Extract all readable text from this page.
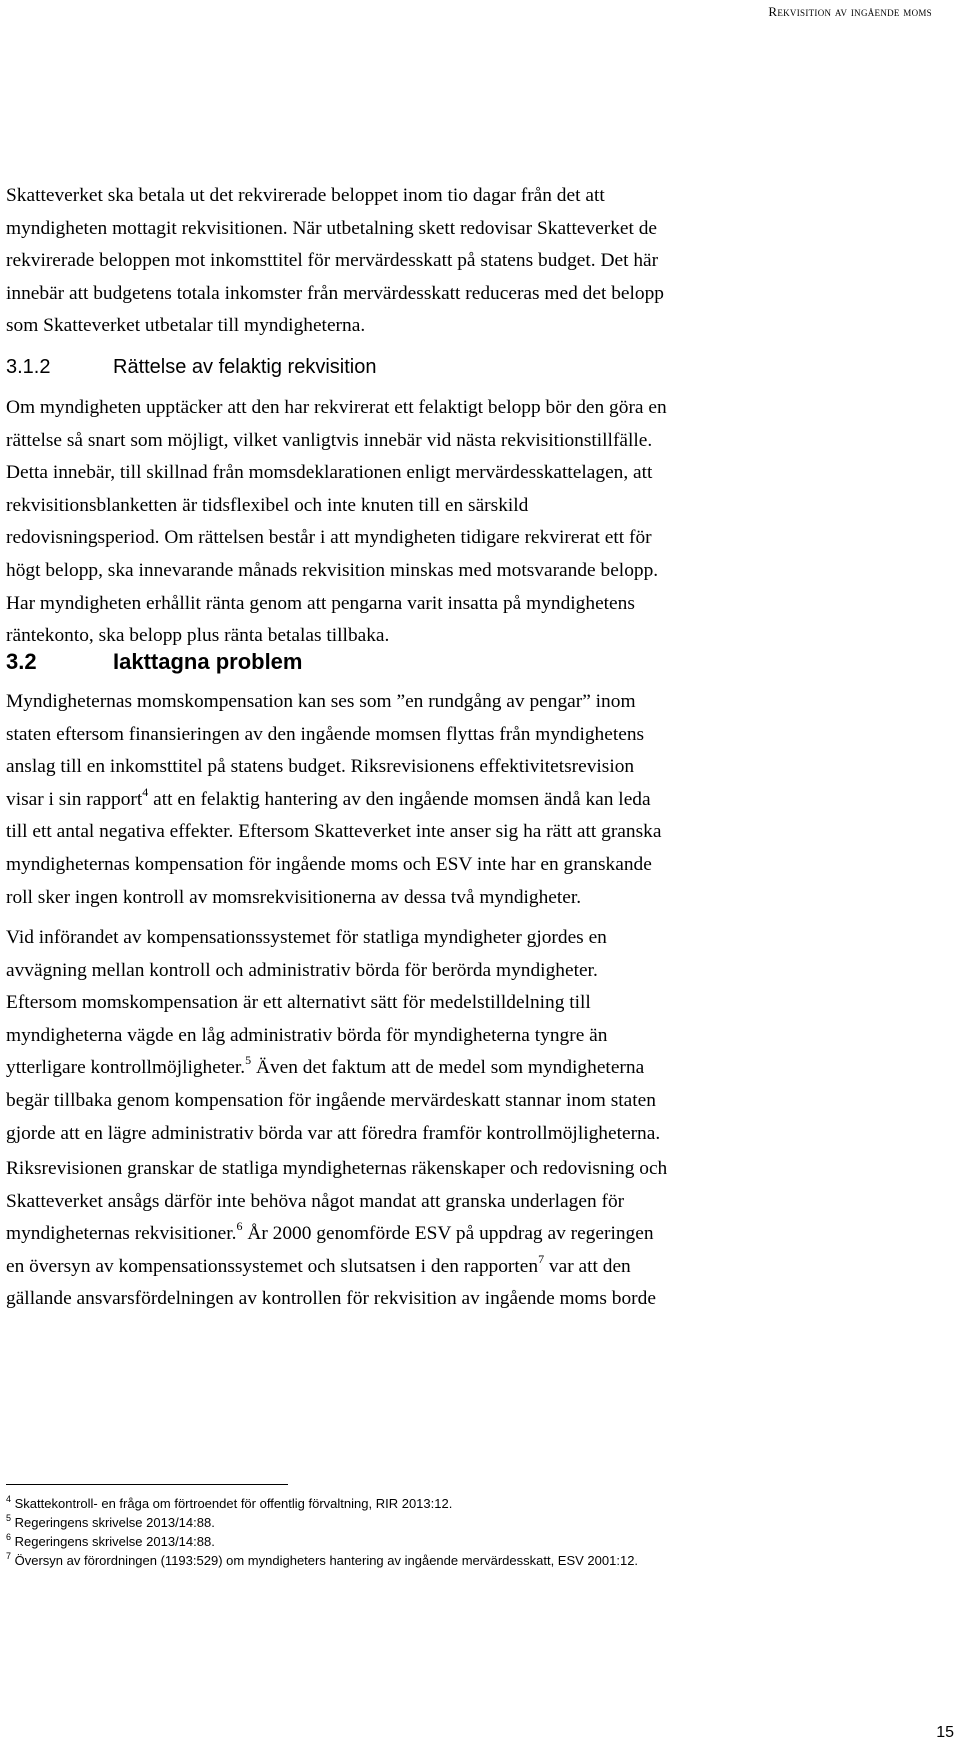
Rekvisition av ingående moms
Skatteverket ska betala ut det rekvirerade beloppet inom tio dagar från det att
myndigheten mottagit rekvisitionen. När utbetalning skett redovisar Skatteverket de
rekvirerade beloppen mot inkomsttitel för mervärdesskatt på statens budget. Det här
innebär att budgetens totala inkomster från mervärdesskatt reduceras med det belopp
som Skatteverket utbetalar till myndigheterna.
3.1.2	Rättelse av felaktig rekvisition
Om myndigheten upptäcker att den har rekvirerat ett felaktigt belopp bör den göra en
rättelse så snart som möjligt, vilket vanligtvis innebär vid nästa rekvisitionstillfälle.
Detta innebär, till skillnad från momsdeklarationen enligt mervärdesskattelagen, att
rekvisitionsblanketten är tidsflexibel och inte knuten till en särskild
redovisningsperiod. Om rättelsen består i att myndigheten tidigare rekvirerat ett för
högt belopp, ska innevarande månads rekvisition minskas med motsvarande belopp.
Har myndigheten erhållit ränta genom att pengarna varit insatta på myndighetens
räntekonto, ska belopp plus ränta betalas tillbaka.
3.2	Iakttagna problem
Myndigheternas momskompensation kan ses som ”en rundgång av pengar” inom
staten eftersom finansieringen av den ingående momsen flyttas från myndighetens
anslag till en inkomsttitel på statens budget. Riksrevisionens effektivitetsrevision
visar i sin rapport$^4$ att en felaktig hantering av den ingående momsen ändå kan leda
till ett antal negativa effekter. Eftersom Skatteverket inte anser sig ha rätt att granska
myndigheternas kompensation för ingående moms och ESV inte har en granskande
roll sker ingen kontroll av momsrekvisitionerna av dessa två myndigheter.
Vid införandet av kompensationssystemet för statliga myndigheter gjordes en
avvägning mellan kontroll och administrativ börda för berörda myndigheter.
Eftersom momskompensation är ett alternativt sätt för medelstilldelning till
myndigheterna vägde en låg administrativ börda för myndigheterna tyngre än
ytterligare kontrollmöjligheter.$^5$ Även det faktum att de medel som myndigheterna
begär tillbaka genom kompensation för ingående mervärdeskatt stannar inom staten
gjorde att en lägre administrativ börda var att föredra framför kontrollmöjligheterna.
Riksrevisionen granskar de statliga myndigheternas räkenskaper och redovisning och
Skatteverket ansågs därför inte behöva något mandat att granska underlagen för
myndigheternas rekvisitioner.$^6$ År 2000 genomförde ESV på uppdrag av regeringen
en översyn av kompensationssystemet och slutsatsen i den rapporten$^7$ var att den
gällande ansvarsfördelningen av kontrollen för rekvisition av ingående moms borde
$^4$ Skattekontroll- en fråga om förtroendet för offentlig förvaltning, RIR 2013:12.
$^5$ Regeringens skrivelse 2013/14:88.
$^6$ Regeringens skrivelse 2013/14:88.
$^7$ Översyn av förordningen (1193:529) om myndigheters hantering av ingående mervärdesskatt, ESV 2001:12.
15
